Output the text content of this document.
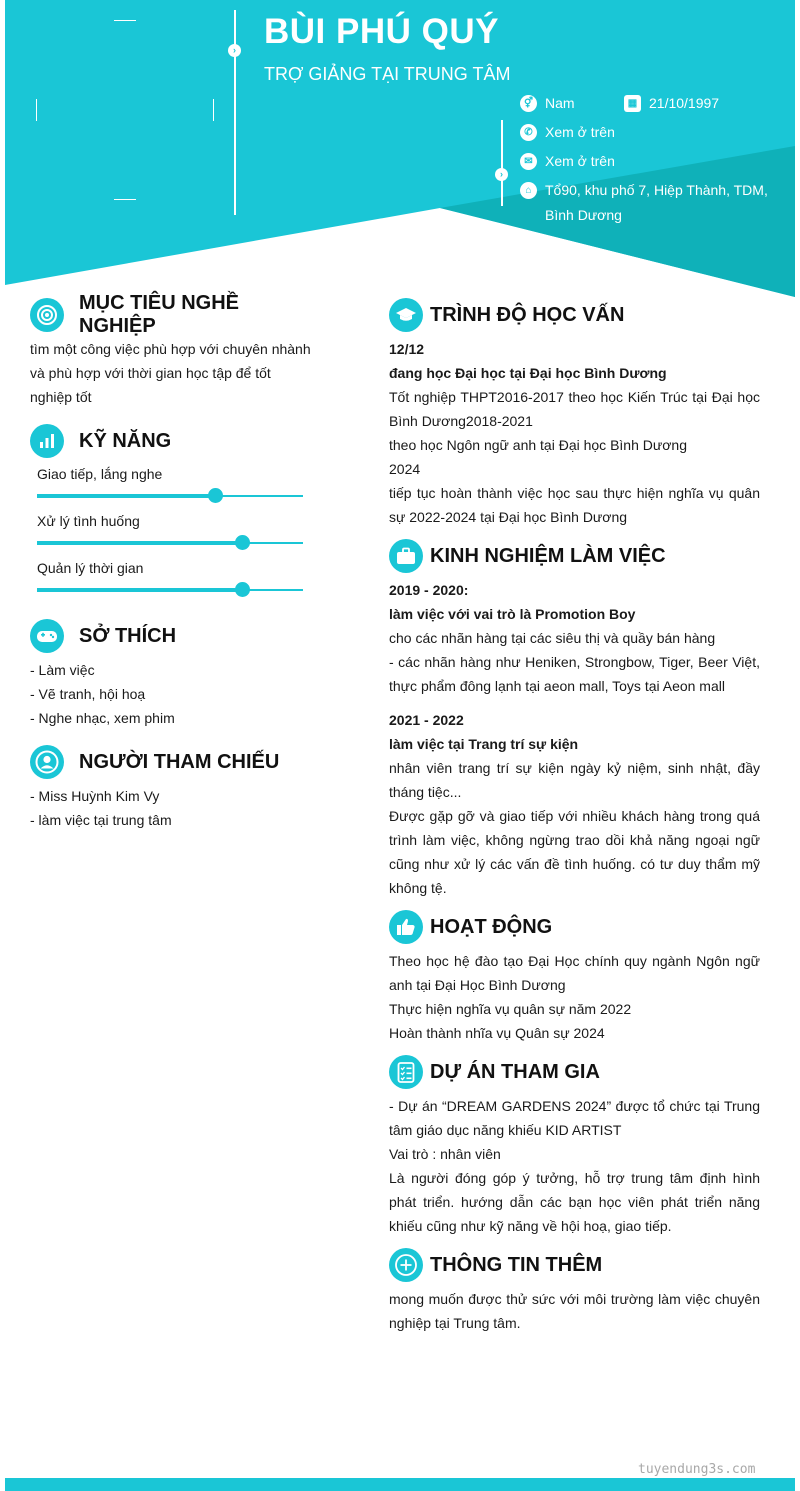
›
›
BÙI PHÚ QUÝ
TRỢ GIẢNG TẠI TRUNG TÂM
⚥ Nam	▦ 21/10/1997
✆ Xem ở trên
✉ Xem ở trên
⌂ Tổ90, khu phố 7, Hiệp Thành, TDM, Bình Dương
MỤC TIÊU NGHỀ NGHIỆP
tìm một công việc phù hợp với chuyên nhành và phù hợp với thời gian học tập để tốt nghiệp tốt
KỸ NĂNG
Giao tiếp, lắng nghe
Xử lý tình huống
Quản lý thời gian
SỞ THÍCH
- Làm việc
- Vẽ tranh, hội hoạ
- Nghe nhạc, xem phim
NGƯỜI THAM CHIẾU
- Miss Huỳnh Kim Vy
- làm việc tại trung tâm
TRÌNH ĐỘ HỌC VẤN
12/12
đang học Đại học tại Đại học Bình Dương
Tốt nghiệp THPT2016-2017 theo học Kiến Trúc tại Đại học Bình Dương2018-2021
theo học Ngôn ngữ anh tại Đại học Bình Dương
2024
tiếp tục hoàn thành việc học sau thực hiện nghĩa vụ quân sự 2022-2024 tại Đại học Bình Dương
KINH NGHIỆM LÀM VIỆC
2019 - 2020:
làm việc với vai trò là Promotion Boy
cho các nhãn hàng tại các siêu thị và quầy bán hàng
- các nhãn hàng như Heniken, Strongbow, Tiger, Beer Việt, thực phẩm đông lạnh tại aeon mall, Toys tại Aeon mall
2021 - 2022
làm việc tại Trang trí sự kiện
nhân viên trang trí sự kiện ngày kỷ niệm, sinh nhật, đầy tháng tiệc...
Được gặp gỡ và giao tiếp với nhiều khách hàng trong quá trình làm việc, không ngừng trao dồi khả năng ngoại ngữ cũng như xử lý các vấn đề tình huống. có tư duy thẩm mỹ không tệ.
HOẠT ĐỘNG
Theo học hệ đào tạo Đại Học chính quy ngành Ngôn ngữ anh tại Đại Học Bình Dương
Thực hiện nghĩa vụ quân sự năm 2022
Hoàn thành nhĩa vụ Quân sự 2024
DỰ ÁN THAM GIA
- Dự án “DREAM GARDENS 2024” được tổ chức tại Trung tâm giáo dục năng khiếu KID ARTIST
Vai trò : nhân viên
Là người đóng góp ý tưởng, hỗ trợ trung tâm định hình phát triển. hướng dẫn các bạn học viên phát triển năng khiếu cũng như kỹ năng về hội hoạ, giao tiếp.
THÔNG TIN THÊM
mong muốn được thử sức với môi trường làm việc chuyên nghiệp tại Trung tâm.
tuyendung3s.com
